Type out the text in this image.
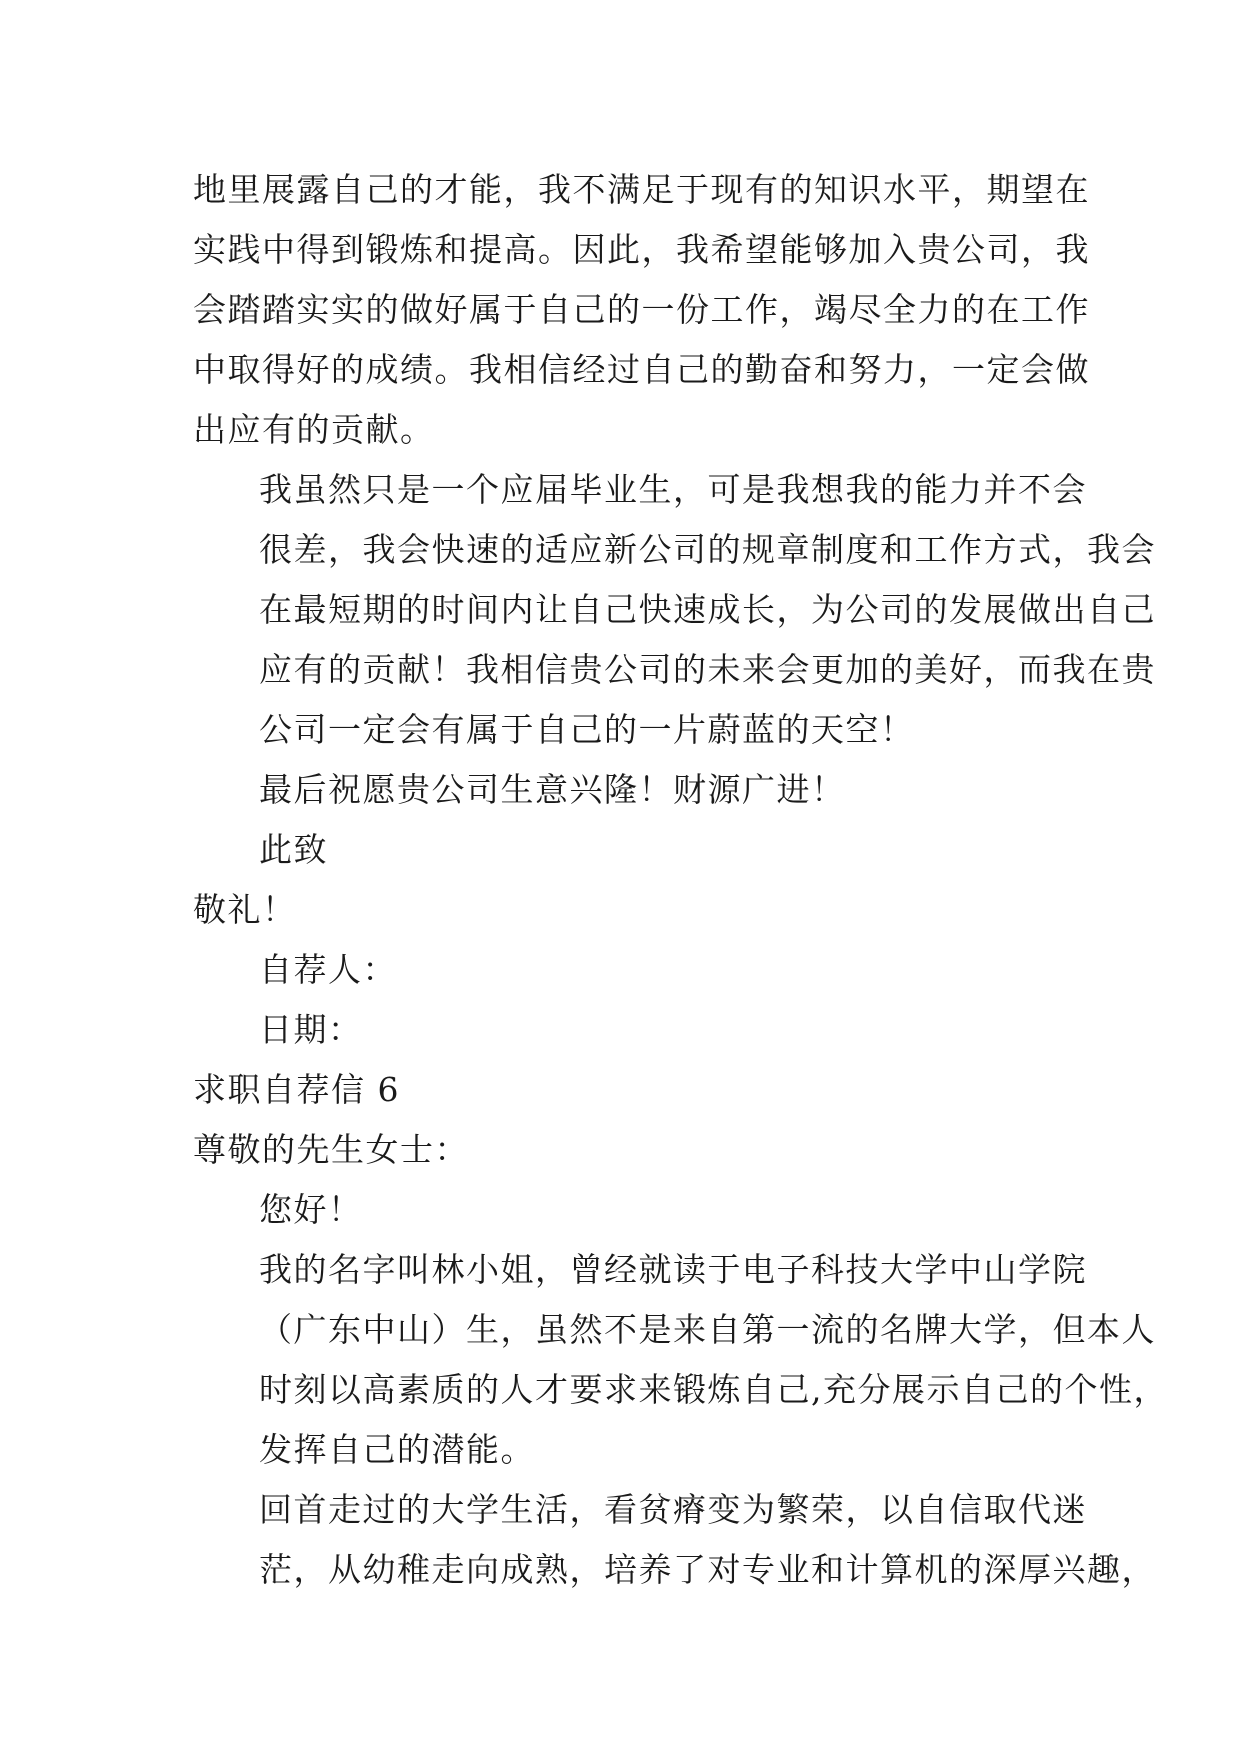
地里展露自己的才能，我不满足于现有的知识水平，期望在
实践中得到锻炼和提高。因此，我希望能够加入贵公司，我
会踏踏实实的做好属于自己的一份工作，竭尽全力的在工作
中取得好的成绩。我相信经过自己的勤奋和努力，一定会做
出应有的贡献。
我虽然只是一个应届毕业生，可是我想我的能力并不会
很差，我会快速的适应新公司的规章制度和工作方式，我会
在最短期的时间内让自己快速成长，为公司的发展做出自己
应有的贡献！我相信贵公司的未来会更加的美好，而我在贵
公司一定会有属于自己的一片蔚蓝的天空！
最后祝愿贵公司生意兴隆！财源广进！
此致
敬礼！
自荐人：
日期：
求职自荐信 6
尊敬的先生女士：
您好！
我的名字叫林小姐，曾经就读于电子科技大学中山学院
（广东中山）生，虽然不是来自第一流的名牌大学，但本人
时刻以高素质的人才要求来锻炼自己,充分展示自己的个性，
发挥自己的潜能。
回首走过的大学生活，看贫瘠变为繁荣，以自信取代迷
茫，从幼稚走向成熟，培养了对专业和计算机的深厚兴趣，
